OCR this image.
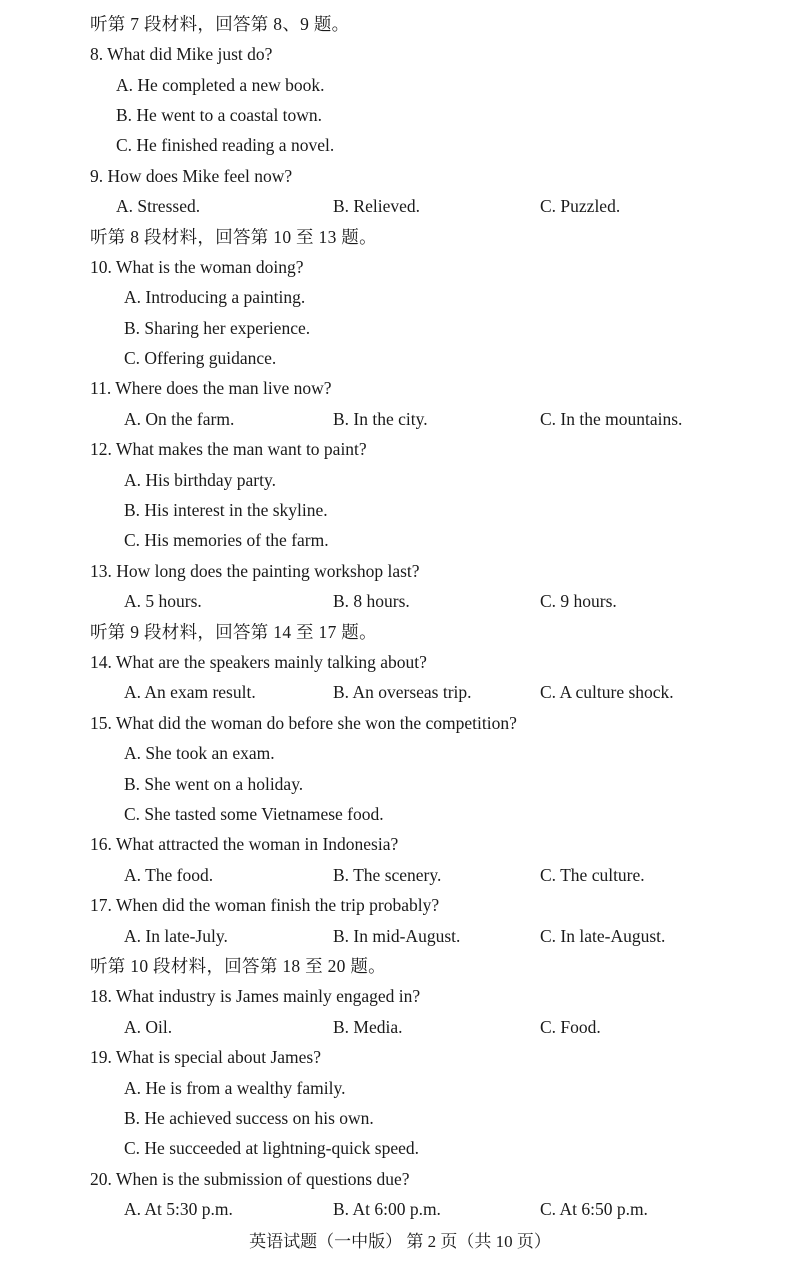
听第 7 段材料，回答第 8、9 题。
8. What did Mike just do?
A. He completed a new book.
B. He went to a coastal town.
C. He finished reading a novel.
9. How does Mike feel now?
A. Stressed.	B. Relieved.	C. Puzzled.
听第 8 段材料，回答第 10 至 13 题。
10. What is the woman doing?
A. Introducing a painting.
B. Sharing her experience.
C. Offering guidance.
11. Where does the man live now?
A. On the farm.	B. In the city.	C. In the mountains.
12. What makes the man want to paint?
A. His birthday party.
B. His interest in the skyline.
C. His memories of the farm.
13. How long does the painting workshop last?
A. 5 hours.	B. 8 hours.	C. 9 hours.
听第 9 段材料，回答第 14 至 17 题。
14. What are the speakers mainly talking about?
A. An exam result.	B. An overseas trip.	C. A culture shock.
15. What did the woman do before she won the competition?
A. She took an exam.
B. She went on a holiday.
C. She tasted some Vietnamese food.
16. What attracted the woman in Indonesia?
A. The food.	B. The scenery.	C. The culture.
17. When did the woman finish the trip probably?
A. In late-July.	B. In mid-August.	C. In late-August.
听第 10 段材料，回答第 18 至 20 题。
18. What industry is James mainly engaged in?
A. Oil.	B. Media.	C. Food.
19. What is special about James?
A. He is from a wealthy family.
B. He achieved success on his own.
C. He succeeded at lightning-quick speed.
20. When is the submission of questions due?
A. At 5:30 p.m.	B. At 6:00 p.m.	C. At 6:50 p.m.
英语试题（一中版） 第 2 页（共 10 页）
